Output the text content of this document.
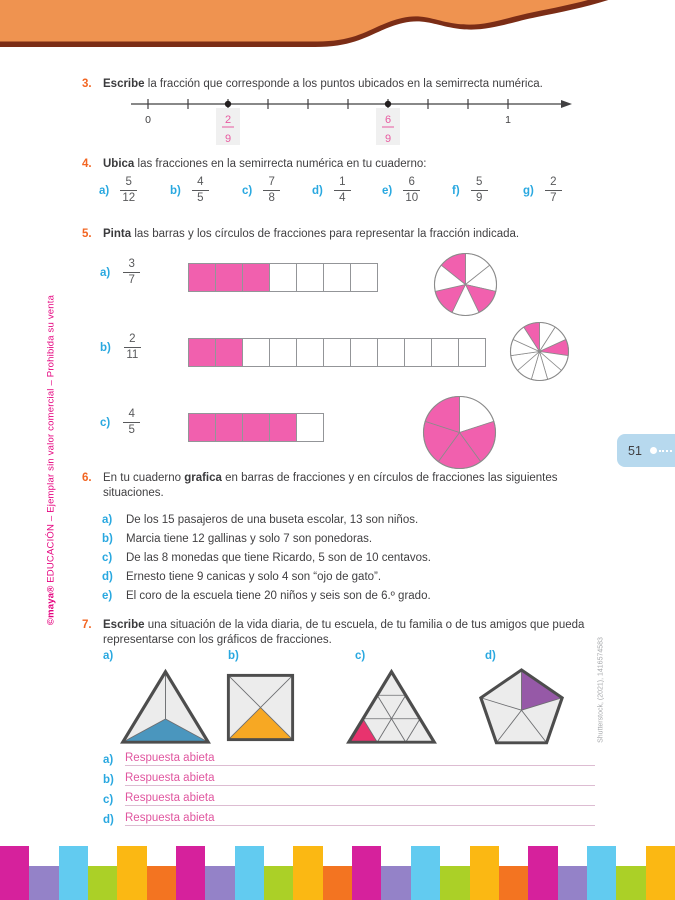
©maya® EDUCACIÓN – Ejemplar sin valor comercial – Prohibida su venta
Shutterstock, (2021), 1416574583
51
3. Escribe la fracción que corresponde a los puntos ubicados en la semirrecta numérica.
0	1
2
9
6
9
4. Ubica las fracciones en la semirrecta numérica en tu cuaderno:
$a) \frac{5}{12}$	$b) \frac{4}{5}$	$c) \frac{7}{8}$	$d) \frac{1}{4}$	$e) \frac{6}{10}$	$f) \frac{5}{9}$	$g) \frac{2}{7}$
5. Pinta las barras y los círculos de fracciones para representar la fracción indicada.
$a) \frac{3}{7}$
$b) \frac{2}{11}$
$c) \frac{4}{5}$
6. En tu cuaderno grafica en barras de fracciones y en círculos de fracciones las siguientes situaciones.
a)	De los 15 pasajeros de una buseta escolar, 13 son niños.
b) Marcia tiene 12 gallinas y solo 7 son ponedoras.
c)	De las 8 monedas que tiene Ricardo, 5 son de 10 centavos.
d) Ernesto tiene 9 canicas y solo 4 son “ojo de gato”.
e)	El coro de la escuela tiene 20 niños y seis son de 6.º grado.
7. Escribe una situación de la vida diaria, de tu escuela, de tu familia o de tus amigos que pueda representarse con los gráficos de fracciones.
a)	b)	c)	d)
a)	Respuesta abieta
b) Respuesta abieta
c)	Respuesta abieta
d) Respuesta abieta
